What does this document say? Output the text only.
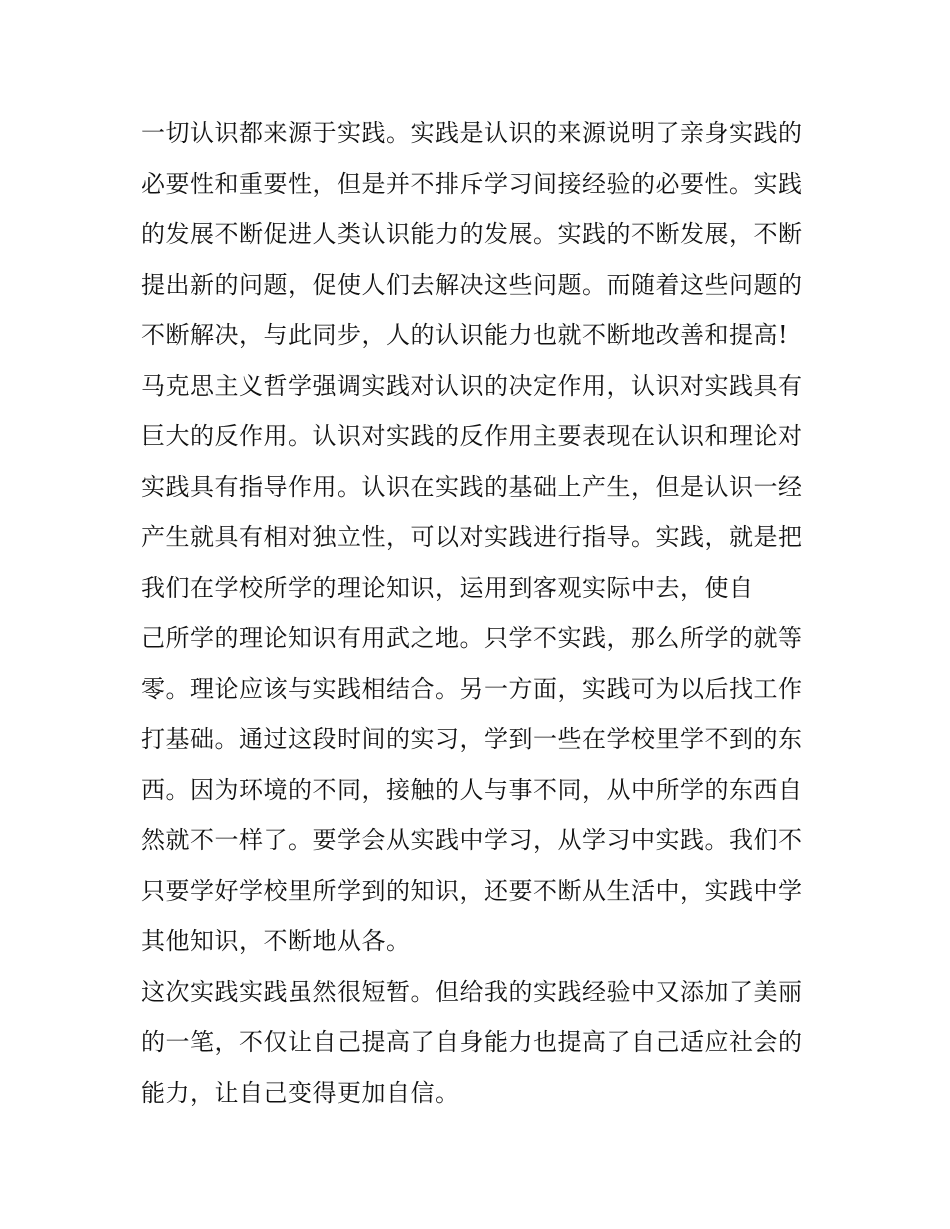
一切认识都来源于实践。实践是认识的来源说明了亲身实践的
必要性和重要性，但是并不排斥学习间接经验的必要性。实践
的发展不断促进人类认识能力的发展。实践的不断发展，不断
提出新的问题，促使人们去解决这些问题。而随着这些问题的
不断解决，与此同步，人的认识能力也就不断地改善和提高!
马克思主义哲学强调实践对认识的决定作用，认识对实践具有
巨大的反作用。认识对实践的反作用主要表现在认识和理论对
实践具有指导作用。认识在实践的基础上产生，但是认识一经
产生就具有相对独立性，可以对实践进行指导。实践，就是把
我们在学校所学的理论知识，运用到客观实际中去，使自
己所学的理论知识有用武之地。只学不实践，那么所学的就等
零。理论应该与实践相结合。另一方面，实践可为以后找工作
打基础。通过这段时间的实习，学到一些在学校里学不到的东
西。因为环境的不同，接触的人与事不同，从中所学的东西自
然就不一样了。要学会从实践中学习，从学习中实践。我们不
只要学好学校里所学到的知识，还要不断从生活中，实践中学
其他知识，不断地从各。
这次实践实践虽然很短暂。但给我的实践经验中又添加了美丽
的一笔，不仅让自己提高了自身能力也提高了自己适应社会的
能力，让自己变得更加自信。
